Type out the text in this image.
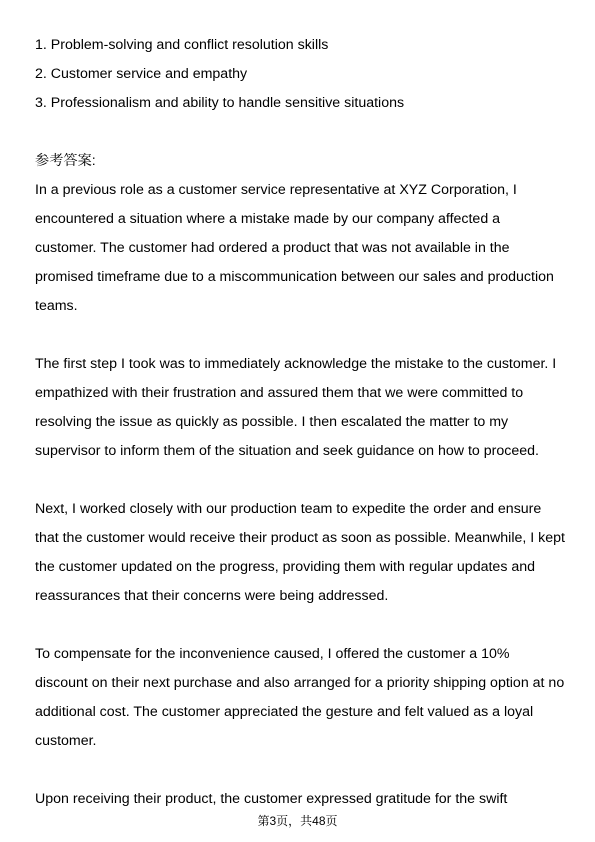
1. Problem-solving and conflict resolution skills
2. Customer service and empathy
3. Professionalism and ability to handle sensitive situations
参考答案:

In a previous role as a customer service representative at XYZ Corporation, I encountered a situation where a mistake made by our company affected a customer. The customer had ordered a product that was not available in the promised timeframe due to a miscommunication between our sales and production teams.

The first step I took was to immediately acknowledge the mistake to the customer. I empathized with their frustration and assured them that we were committed to resolving the issue as quickly as possible. I then escalated the matter to my supervisor to inform them of the situation and seek guidance on how to proceed.

Next, I worked closely with our production team to expedite the order and ensure that the customer would receive their product as soon as possible. Meanwhile, I kept the customer updated on the progress, providing them with regular updates and reassurances that their concerns were being addressed.

To compensate for the inconvenience caused, I offered the customer a 10% discount on their next purchase and also arranged for a priority shipping option at no additional cost. The customer appreciated the gesture and felt valued as a loyal customer.

Upon receiving their product, the customer expressed gratitude for the swift

第3页，共48页
